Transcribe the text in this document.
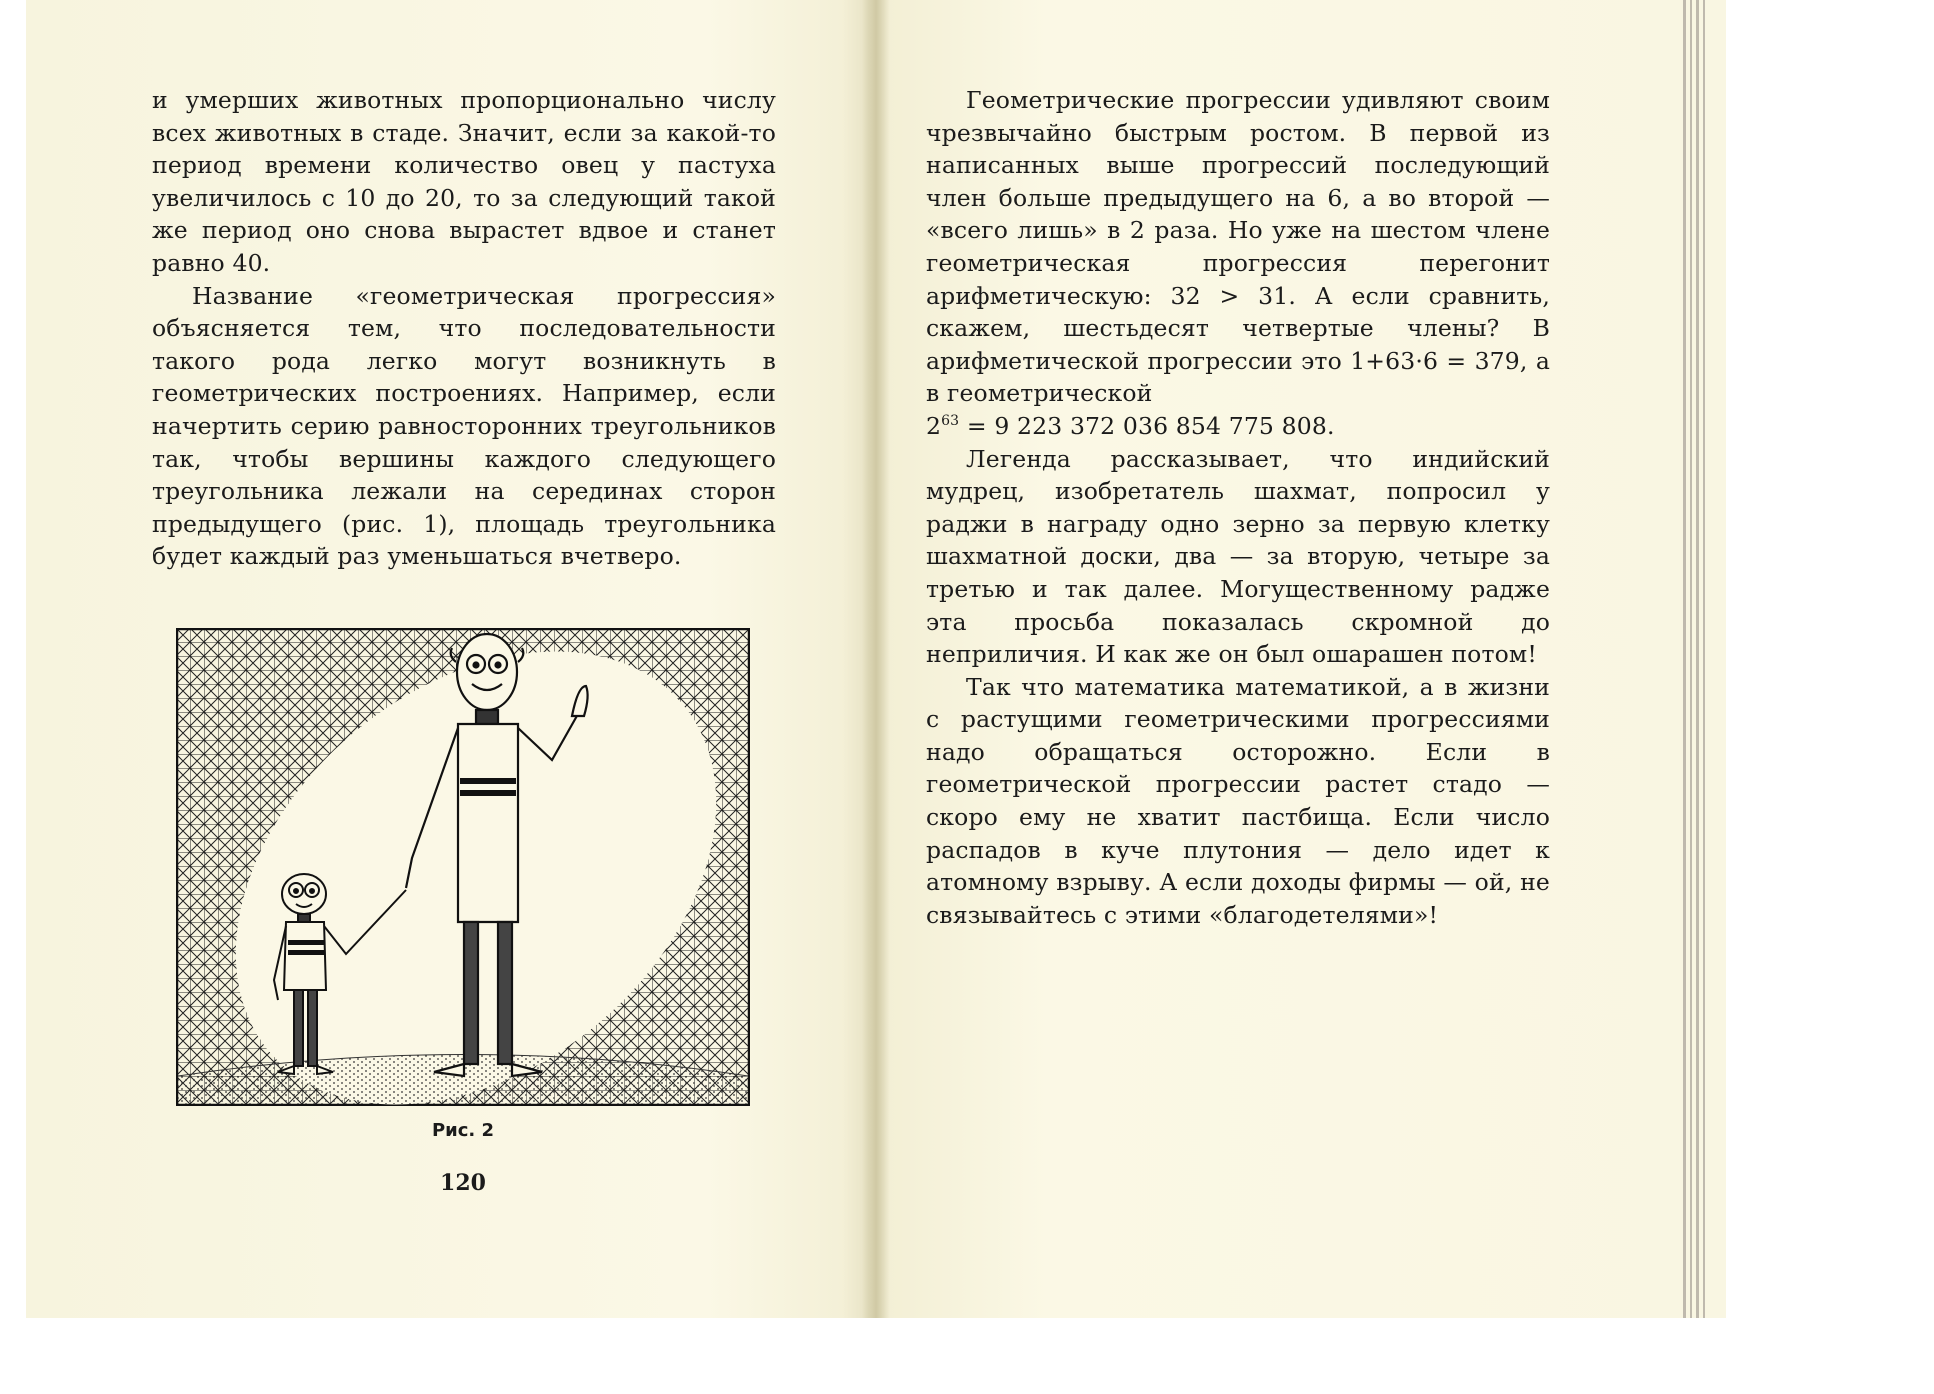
и умерших животных пропорционально числу всех животных в стаде. Значит, если за какой-то период времени количество овец у пастуха увеличилось с 10 до 20, то за следующий такой же период оно снова вырастет вдвое и станет равно 40.

Название «геометрическая прогрессия» объясняется тем, что последовательности такого рода легко могут возникнуть в геометрических построениях. Например, если начертить серию равносторонних треугольников так, чтобы вершины каждого следующего треугольника лежали на серединах сторон предыдущего (рис. 1), площадь треугольника будет каждый раз уменьшаться вчетверо.

Рис. 2
120

Геометрические прогрессии удивляют своим чрезвычайно быстрым ростом. В первой из написанных выше прогрессий последующий член больше предыдущего на 6, а во второй — «всего лишь» в 2 раза. Но уже на шестом члене геометрическая прогрессия перегонит арифметическую: 32 > 31. А если сравнить, скажем, шестьдесят четвертые члены? В арифметической прогрессии это 1+63·6 = 379, а в геометрической
$2^{63} = 9$ 223 372 036 854 775 808.

Легенда рассказывает, что индийский мудрец, изобретатель шахмат, попросил у раджи в награду одно зерно за первую клетку шахматной доски, два — за вторую, четыре за третью и так далее. Могущественному радже эта просьба показалась скромной до неприличия. И как же он был ошарашен потом!

Так что математика математикой, а в жизни с растущими геометрическими прогрессиями надо обращаться осторожно. Если в геометрической прогрессии растет стадо — скоро ему не хватит пастбища. Если число распадов в куче плутония — дело идет к атомному взрыву. А если доходы фирмы — ой, не связывайтесь с этими «благодетелями»!
